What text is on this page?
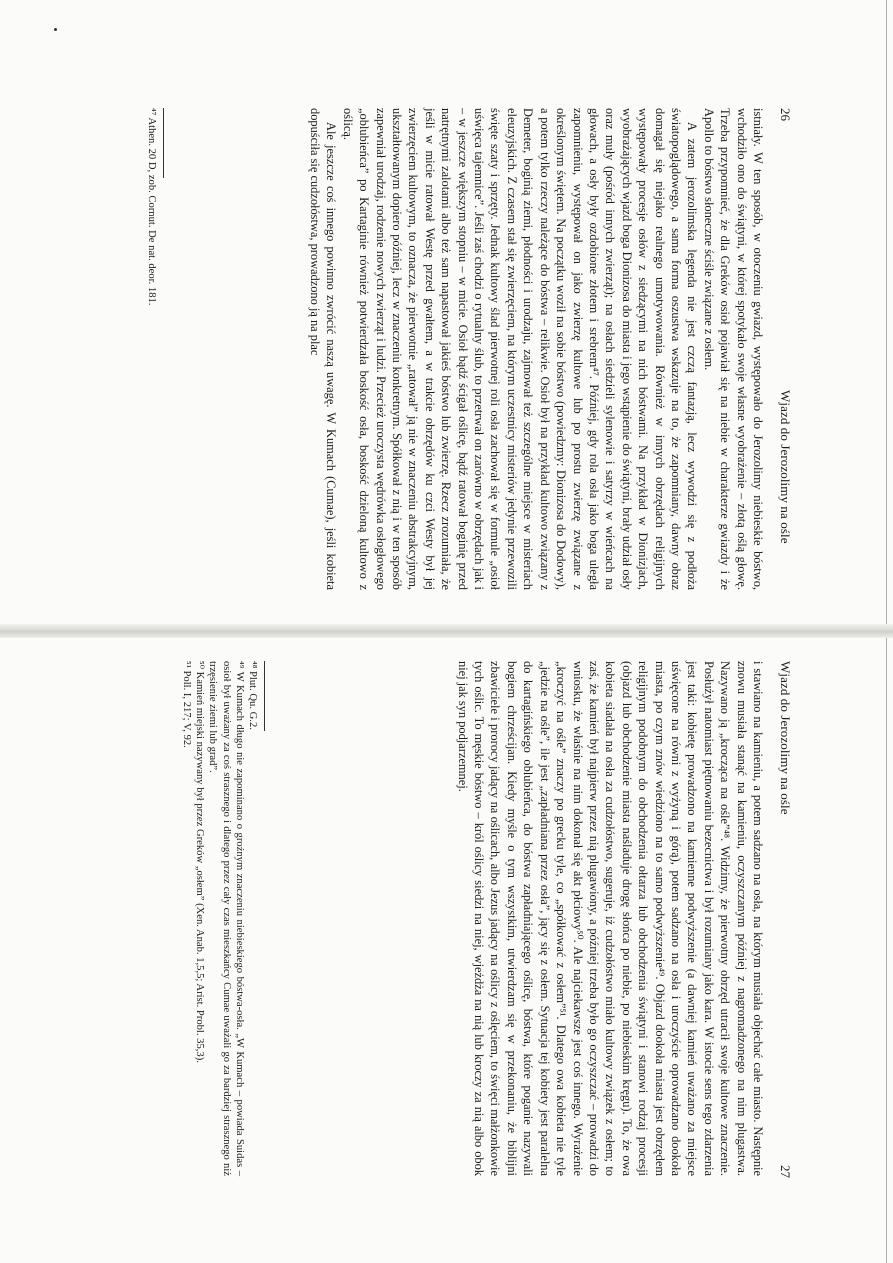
26
Wjazd do Jerozolimy na ośle

istniały. W ten sposób, w otoczeniu gwiazd, występowało do Jerozolimy niebieskie bóstwo, wchodziło ono do świątyni, w której spotykało swoje własne wyobrażenie – złotą oślą głowę. Trzeba przypomnieć, że dla Greków osioł pojawiał się na niebie w charakterze gwiazdy i że Apollo to bóstwo słoneczne ściśle związane z osłem.

A zatem jerozolimska legenda nie jest czczą fantazją, lecz wywodzi się z podłoża światopoglądowego, a sama forma oszustwa wskazuje na to, że zapomniany, dawny obraz domagał się niejako realnego umotywowania. Również w innych obrzędach religijnych występowały procesje osłów z siedzącymi na nich bóstwami. Na przykład w Dionizjach, wyobrażających wjazd boga Dionizosa do miasta i jego wstąpienie do świątyni, brały udział osły oraz muły (pośród innych zwierząt); na osłach siedzieli sylenowie i satyrzy w wieńcach na głowach, a osły były ozdobione złotem i srebrem⁴⁷. Później, gdy rola osła jako boga uległa zapomnieniu, występował on jako zwierzę kultowe lub po prostu zwierzę związane z określonym świętem. Na początku woził na sobie bóstwo (powiedzmy: Dionizosa do Dodowy), a potem tylko rzeczy należące do bóstwa – relikwie. Osioł był na przykład kultowo związany z Demeter, boginią ziemi, płodności i urodzaju, zajmował też szczególne miejsce w misteriach eleuzyjskich. Z czasem stał się zwierzęciem, na którym uczestnicy misteriów jedynie przewozili święte szaty i sprzęty. Jednak kultowy ślad pierwotnej roli osła zachował się w formule „osioł uświęca tajemnice”. Jeśli zaś chodzi o rytualny ślub, to przetrwał on zarówno w obrzędach jak i – w jeszcze większym stopniu – w micie. Osioł bądź ścigał oślicę, bądź ratował boginię przed natrętnymi zalotami albo też sam napastował jakieś bóstwo lub zwierzę. Rzecz zrozumiała, że jeśli w micie ratował Westę przed gwałtem, a w trakcie obrzędów ku czci Westy był jej zwierzęciem kultowym, to oznacza, że pierwotnie „ratował” ją nie w znaczeniu abstrakcyjnym, ukształtowanym dopiero później, lecz w znaczeniu konkretnym. Spółkował z nią i w ten sposób zapewniał urodzaj, rodzenie nowych zwierząt i ludzi. Przecież uroczysta wędrówka osłogłowego „oblubieńca” po Kartaginie również potwierdzała boskość osła, boskość dzieloną kultowo z oślicą.

Ale jeszcze coś innego powinno zwrócić naszą uwagę. W Kumach (Cumae), jeśli kobieta dopuściła się cudzołóstwa, prowadzono ją na plac

⁴⁷ Athen. 20 D, zob. Cornut. De nat. deor. 181.
Wjazd do Jerozolimy na ośle
27

i stawiano na kamieniu, a potem sadzano na osła, na którym musiała objechać całe miasto. Następnie znowu musiała stanąć na kamieniu, oczyszczanym później z nagromadzonego na nim plugastwa. Nazywano ją „krocząca na ośle”⁴⁸. Widzimy, że pierwotny obrzęd utracił swoje kultowe znaczenie. Posłużył natomiast piętnowaniu bezecnictwa i był rozumiany jako kara. W istocie sens tego zdarzenia jest taki: kobietę prowadzono na kamienne podwyższenie (a dawniej kamień uważano za miejsce uświęcone na równi z wyżyną i górą), potem sadzano na osła i uroczyście oprowadzano dookoła miasta, po czym znów wiedziono na to samo podwyższenie⁴⁹. Objazd dookoła miasta jest obrzędem religijnym podobnym do obchodzenia ołtarza lub obchodzenia świątyni i stanowi rodzaj procesji (objazd lub obchodzenie miasta naśladuje drogę słońca po niebie, po niebieskim kręgu). To, że owa kobieta siadała na osła za cudzołóstwo, sugeruje, iż cudzołóstwo miało kultowy związek z osłem; to zaś, że kamień był najpierw przez nią plugawiony, a później trzeba było go oczyszczać – prowadzi do wniosku, że właśnie na nim dokonał się akt płciowy⁵⁰. Ale najciekawsze jest coś innego. Wyrażenie „kroczyć na ośle” znaczy po grecku tyle, co „spółkować z osłem”⁵¹. Dlatego owa kobieta nie tyle „jedzie na ośle”, ile jest „zapładniana przez osła”, jący się z osłem. Sytuacja tej kobiety jest paralelna do kartagińskiego oblubieńca, do bóstwa zapładniającego oślicę, bóstwa, które poganie nazywali bogiem chrześcijan. Kiedy myśle o tym wszystkim, utwierdzam się w przekonaniu, że biblijni zbawiciele i prorocy jadący na oślicach, albo Jezus jadący na oślicy z oślęciem, to święci małżonkowie tych oślic. To męskie bóstwo – król oślicy siedzi na niej, wjeżdża na nią lub kroczy za nią albo obok niej jak syn podjarzemnej.

⁴⁸ Plut. Qu. G.2.
⁴⁹ W Kumach długo nie zapominano o groźnym znaczeniu niebieskiego bóstwa-osła. „W Kumach – powiada Suidas – osioł był uważany za coś strasznego i dlatego przez cały czas mieszkańcy Cumae uważali go za bardziej strasznego niż trzęsienie ziemi lub grad”.
⁵⁰ Kamień miejski nazywany był przez Greków „osłem” (Xen. Anab. 1,5,5; Arist. Probl. 35,3).
⁵¹ Poll. I, 217; V, 92.
